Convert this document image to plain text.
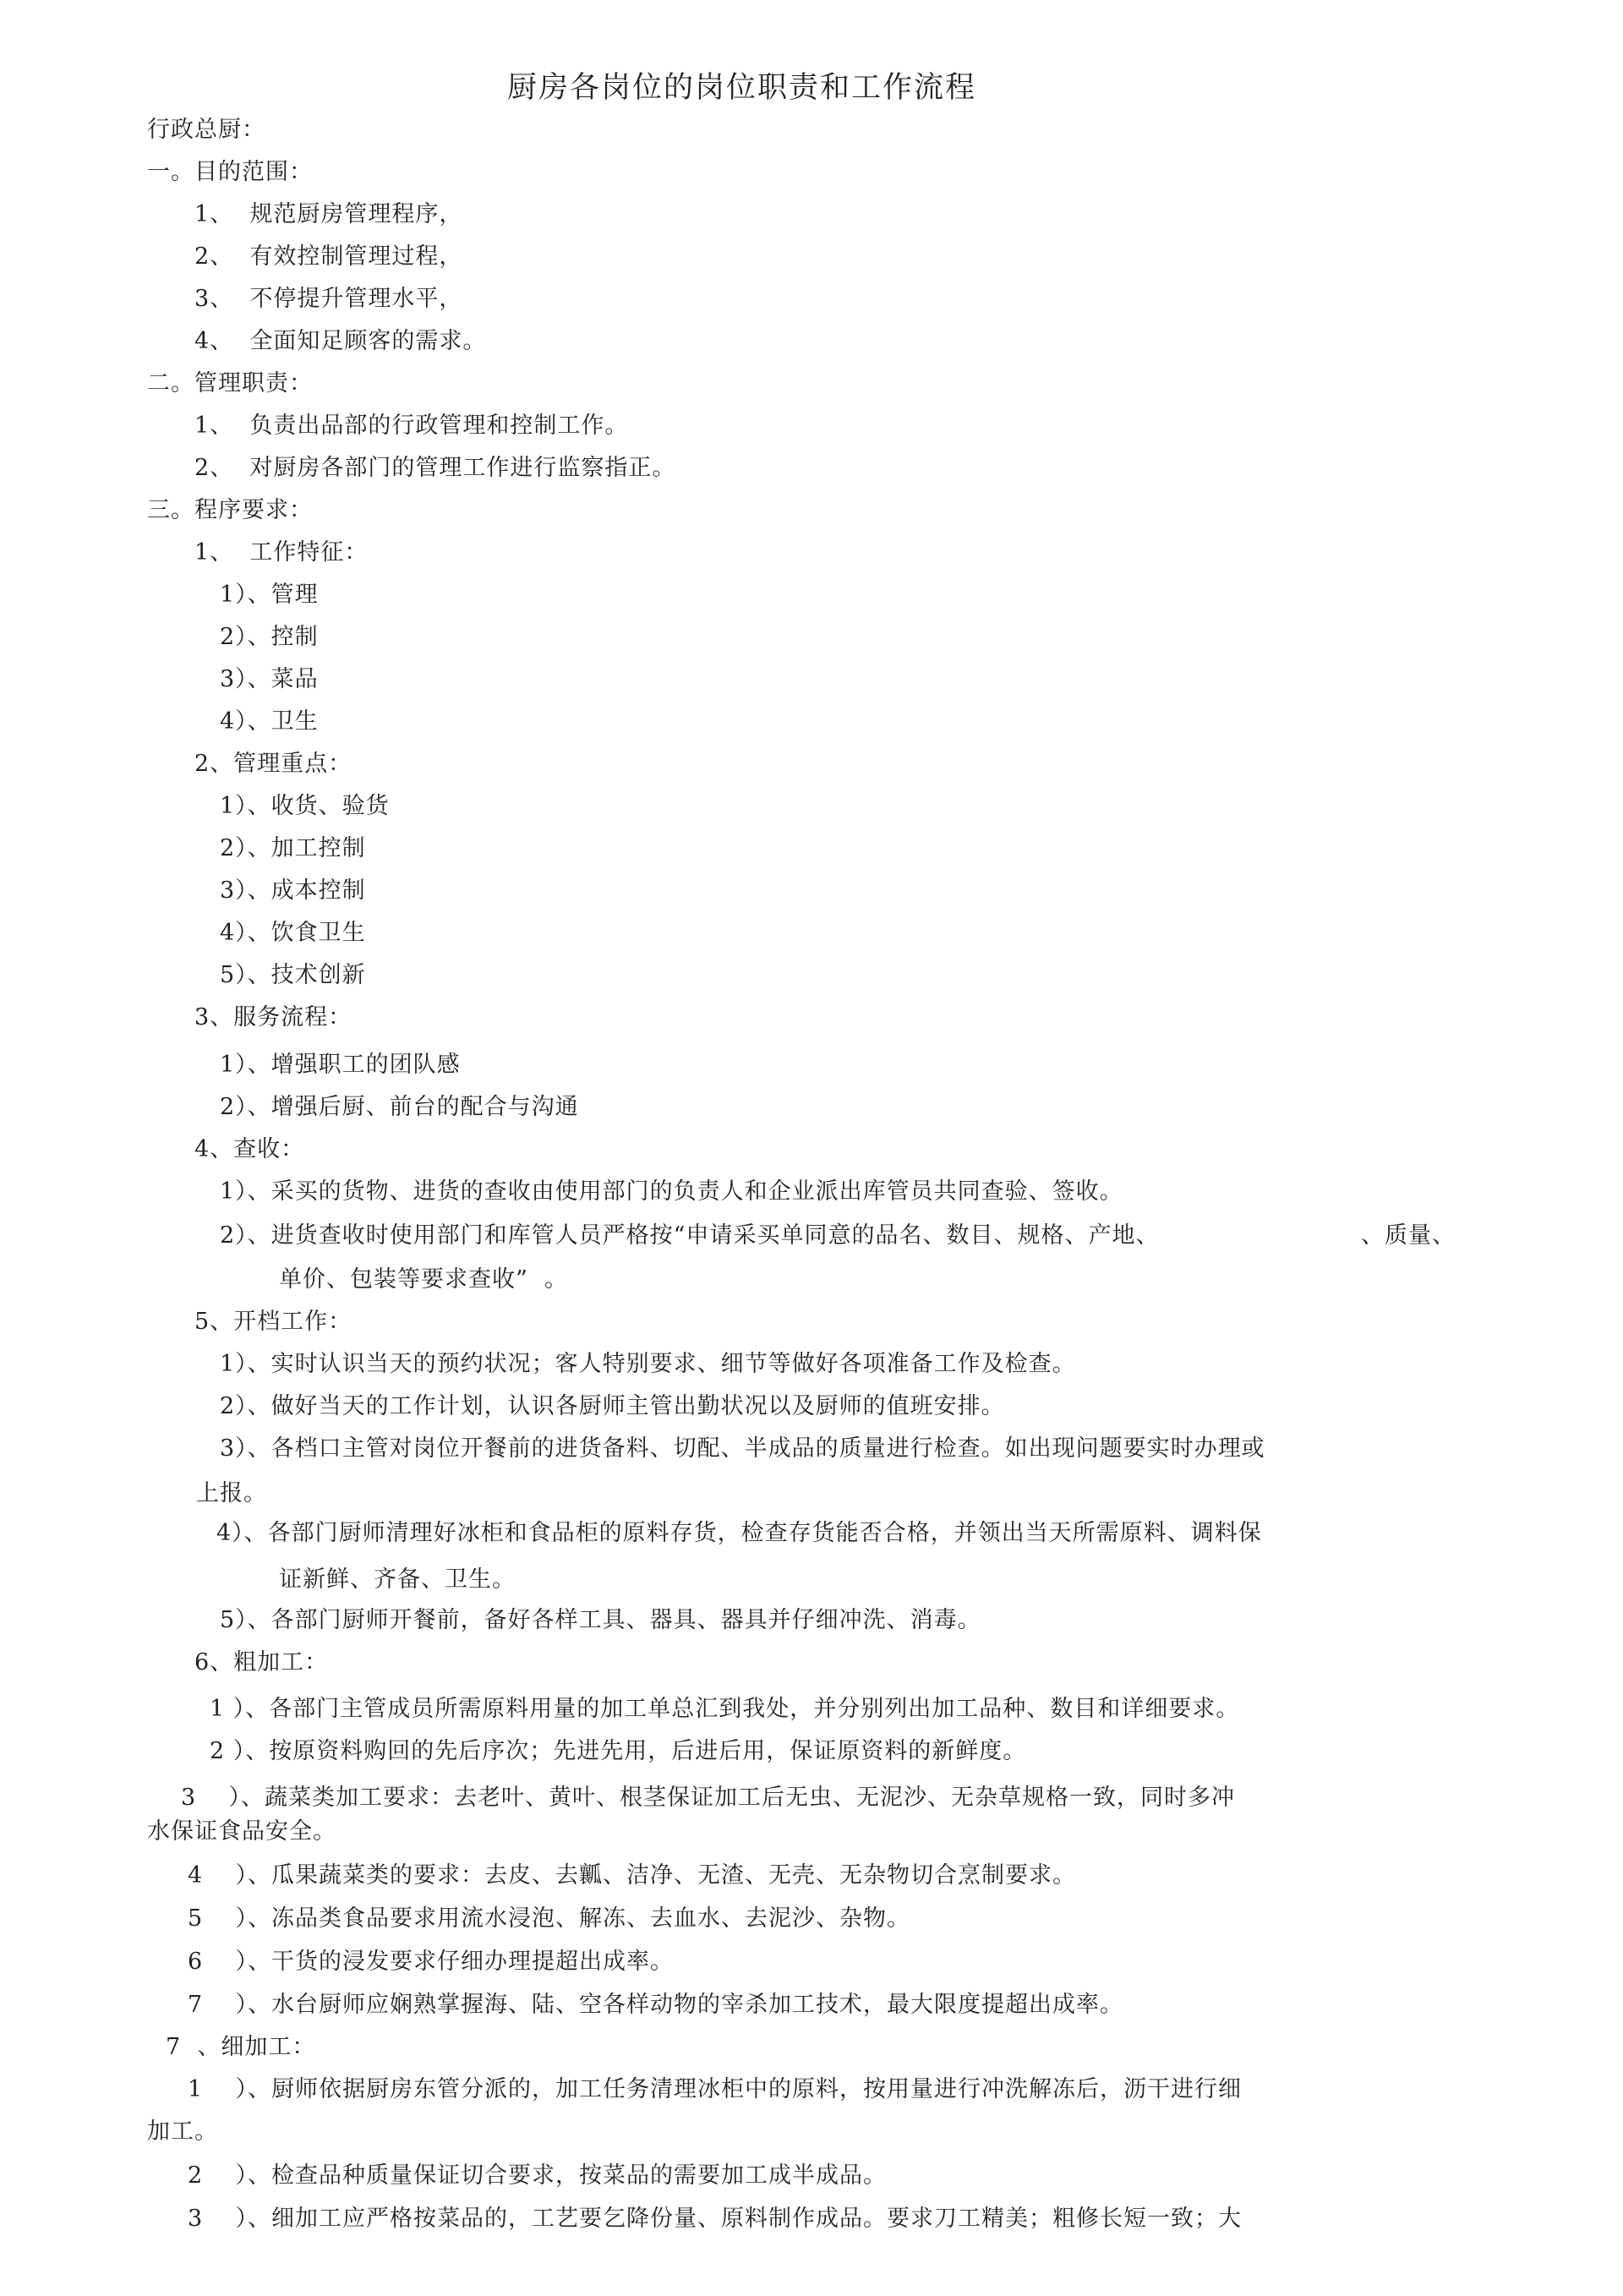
厨房各岗位的岗位职责和工作流程
行政总厨：
一。目的范围：
1、  规范厨房管理程序，
2、  有效控制管理过程，
3、  不停提升管理水平，
4、  全面知足顾客的需求。
二。管理职责：
1、  负责出品部的行政管理和控制工作。
2、  对厨房各部门的管理工作进行监察指正。
三。程序要求：
1、  工作特征：
1）、管理
2）、控制
3）、菜品
4）、卫生
2、管理重点：
1）、收货、验货
2）、加工控制
3）、成本控制
4）、饮食卫生
5）、技术创新
3、服务流程：
1）、增强职工的团队感
2）、增强后厨、前台的配合与沟通
4、查收：
1）、采买的货物、进货的查收由使用部门的负责人和企业派出库管员共同查验、签收。
2）、进货查收时使用部门和库管人员严格按“申请采买单同意的品名、数目、规格、产地、	、质量、
单价、包装等要求查收”  。
5、开档工作：
1）、实时认识当天的预约状况；客人特别要求、细节等做好各项准备工作及检查。
2）、做好当天的工作计划，认识各厨师主管出勤状况以及厨师的值班安排。
3）、各档口主管对岗位开餐前的进货备料、切配、半成品的质量进行检查。如出现问题要实时办理或
上报。
4）、各部门厨师清理好冰柜和食品柜的原料存货，检查存货能否合格，并领出当天所需原料、调料保
证新鲜、齐备、卫生。
5）、各部门厨师开餐前，备好各样工具、器具、器具并仔细冲洗、消毒。
6、粗加工：
1 ）、各部门主管成员所需原料用量的加工单总汇到我处，并分别列出加工品种、数目和详细要求。
2 ）、按原资料购回的先后序次；先进先用，后进后用，保证原资料的新鲜度。
3    ）、蔬菜类加工要求：去老叶、黄叶、根茎保证加工后无虫、无泥沙、无杂草规格一致，同时多冲
水保证食品安全。
4    ）、瓜果蔬菜类的要求：去皮、去瓤、洁净、无渣、无壳、无杂物切合烹制要求。
5    ）、冻品类食品要求用流水浸泡、解冻、去血水、去泥沙、杂物。
6    ）、干货的浸发要求仔细办理提超出成率。
7    ）、水台厨师应娴熟掌握海、陆、空各样动物的宰杀加工技术，最大限度提超出成率。
7  、细加工：
1    ）、厨师依据厨房东管分派的，加工任务清理冰柜中的原料，按用量进行冲洗解冻后，沥干进行细
加工。
2    ）、检查品种质量保证切合要求，按菜品的需要加工成半成品。
3    ）、细加工应严格按菜品的，工艺要乞降份量、原料制作成品。要求刀工精美；粗修长短一致；大
